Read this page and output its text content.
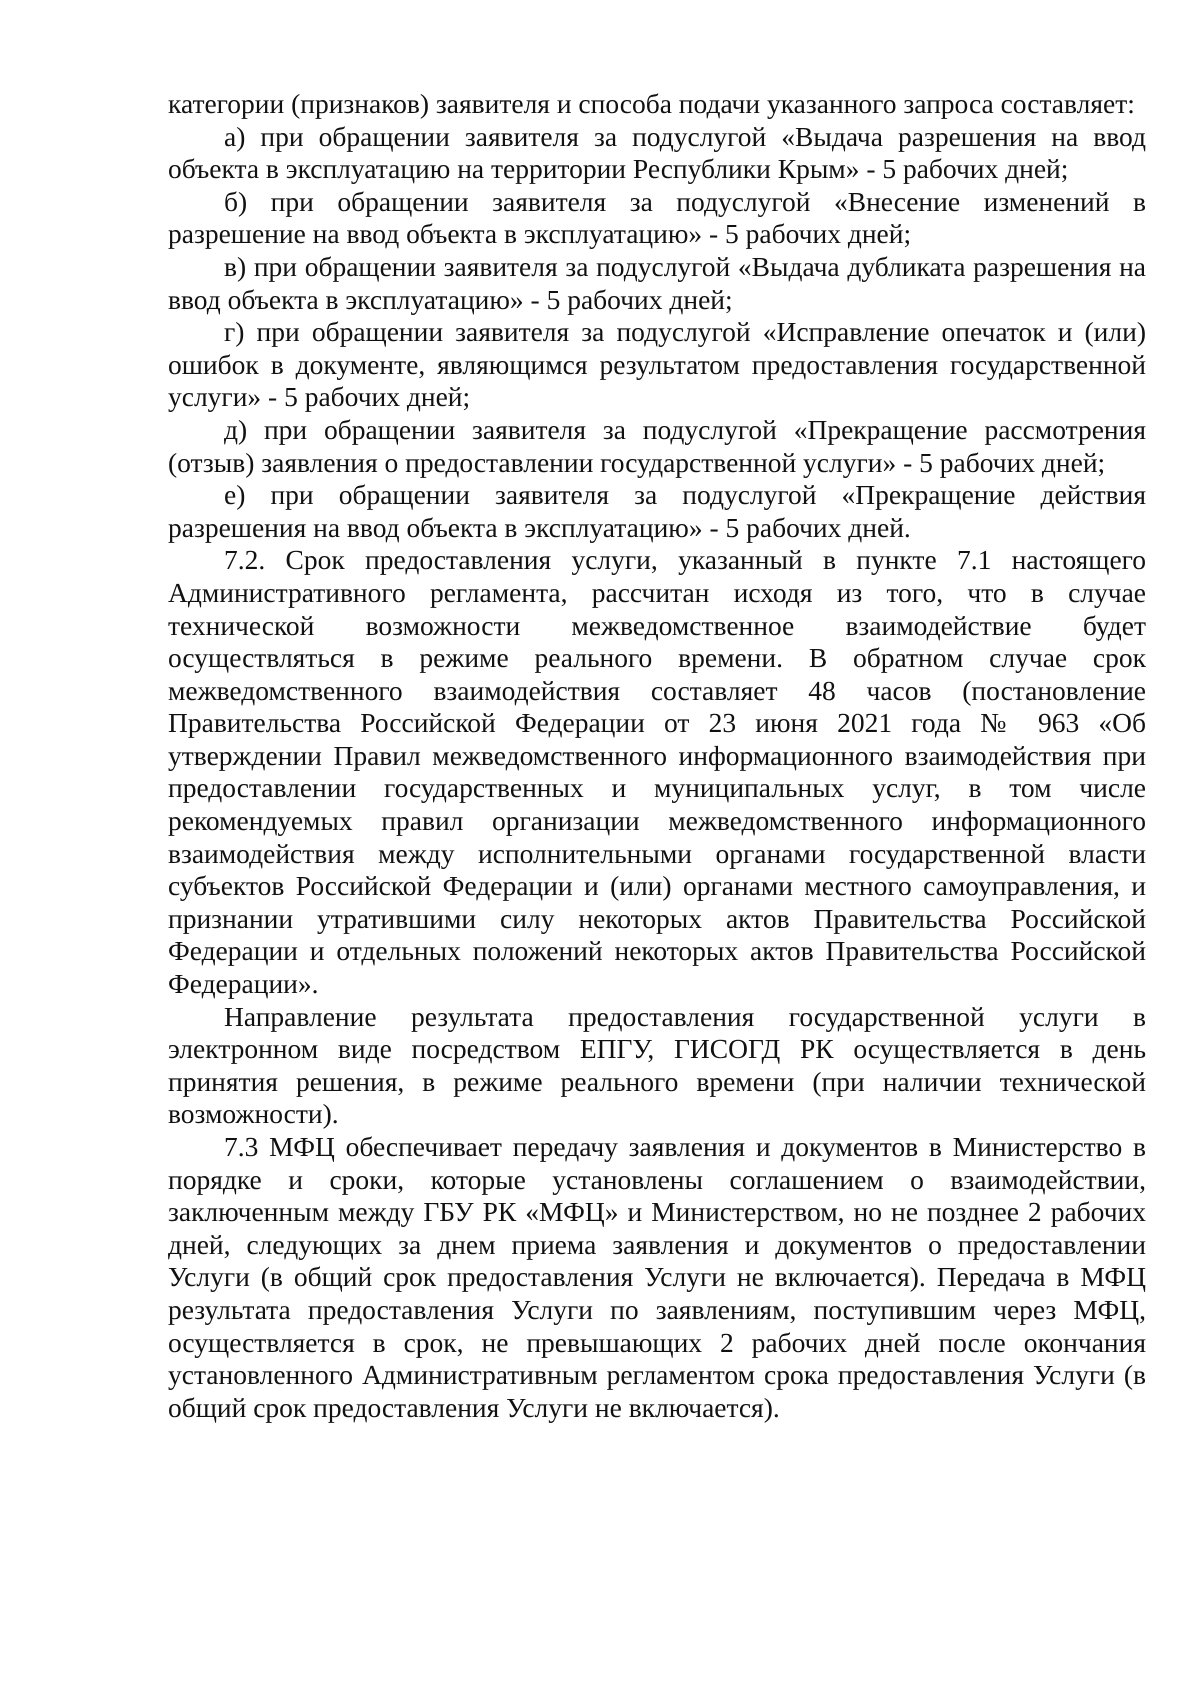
категории (признаков) заявителя и способа подачи указанного запроса составляет:

а) при обращении заявителя за подуслугой «Выдача разрешения на ввод объекта в эксплуатацию на территории Республики Крым» - 5 рабочих дней;

б) при обращении заявителя за подуслугой «Внесение изменений в разрешение на ввод объекта в эксплуатацию» - 5 рабочих дней;

в) при обращении заявителя за подуслугой «Выдача дубликата разрешения на ввод объекта в эксплуатацию» - 5 рабочих дней;

г) при обращении заявителя за подуслугой «Исправление опечаток и (или) ошибок в документе, являющимся результатом предоставления государственной услуги» - 5 рабочих дней;

д) при обращении заявителя за подуслугой «Прекращение рассмотрения (отзыв) заявления о предоставлении государственной услуги» - 5 рабочих дней;

е) при обращении заявителя за подуслугой «Прекращение действия разрешения на ввод объекта в эксплуатацию» - 5 рабочих дней.

7.2. Срок предоставления услуги, указанный в пункте 7.1 настоящего Административного регламента, рассчитан исходя из того, что в случае технической возможности межведомственное взаимодействие будет осуществляться в режиме реального времени. В обратном случае срок межведомственного взаимодействия составляет 48 часов (постановление Правительства Российской Федерации от 23 июня 2021 года № 963 «Об утверждении Правил межведомственного информационного взаимодействия при предоставлении государственных и муниципальных услуг, в том числе рекомендуемых правил организации межведомственного информационного взаимодействия между исполнительными органами государственной власти субъектов Российской Федерации и (или) органами местного самоуправления, и признании утратившими силу некоторых актов Правительства Российской Федерации и отдельных положений некоторых актов Правительства Российской Федерации».

Направление результата предоставления государственной услуги в электронном виде посредством ЕПГУ, ГИСОГД РК осуществляется в день принятия решения, в режиме реального времени (при наличии технической возможности).

7.3 МФЦ обеспечивает передачу заявления и документов в Министерство в порядке и сроки, которые установлены соглашением о взаимодействии, заключенным между ГБУ РК «МФЦ» и Министерством, но не позднее 2 рабочих дней, следующих за днем приема заявления и документов о предоставлении Услуги (в общий срок предоставления Услуги не включается). Передача в МФЦ результата предоставления Услуги по заявлениям, поступившим через МФЦ, осуществляется в срок, не превышающих 2 рабочих дней после окончания установленного Административным регламентом срока предоставления Услуги (в общий срок предоставления Услуги не включается).
